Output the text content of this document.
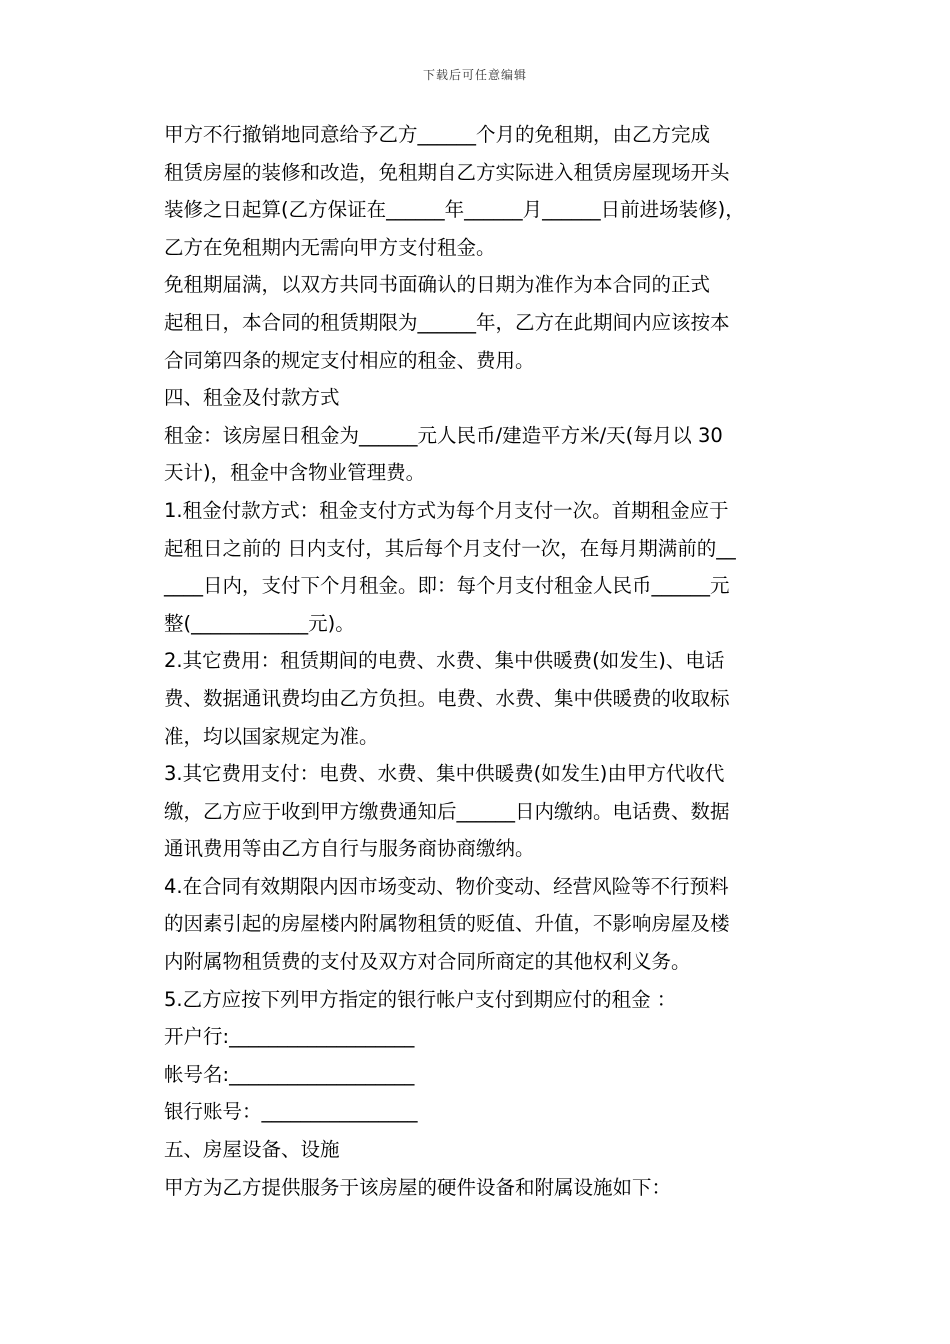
下载后可任意编辑
甲方不行撤销地同意给予乙方______个月的免租期，由乙方完成
租赁房屋的装修和改造，免租期自乙方实际进入租赁房屋现场开头
装修之日起算(乙方保证在______年______月______日前进场装修)，
乙方在免租期内无需向甲方支付租金。
免租期届满，以双方共同书面确认的日期为准作为本合同的正式
起租日，本合同的租赁期限为______年，乙方在此期间内应该按本
合同第四条的规定支付相应的租金、费用。
四、租金及付款方式
租金：该房屋日租金为______元人民币/建造平方米/天(每月以 30
天计)，租金中含物业管理费。
1.租金付款方式：租金支付方式为每个月支付一次。首期租金应于
起租日之前的 日内支付，其后每个月支付一次，在每月期满前的__
____日内，支付下个月租金。即：每个月支付租金人民币______元
整(____________元)。
2.其它费用：租赁期间的电费、水费、集中供暖费(如发生)、电话
费、数据通讯费均由乙方负担。电费、水费、集中供暖费的收取标
准，均以国家规定为准。
3.其它费用支付：电费、水费、集中供暖费(如发生)由甲方代收代
缴，乙方应于收到甲方缴费通知后______日内缴纳。电话费、数据
通讯费用等由乙方自行与服务商协商缴纳。
4.在合同有效期限内因市场变动、物价变动、经营风险等不行预料
的因素引起的房屋楼内附属物租赁的贬值、升值，不影响房屋及楼
内附属物租赁费的支付及双方对合同所商定的其他权利义务。
5.乙方应按下列甲方指定的银行帐户支付到期应付的租金 ：
开户行:___________________
帐号名:___________________
银行账号：________________
五、房屋设备、设施
甲方为乙方提供服务于该房屋的硬件设备和附属设施如下：
